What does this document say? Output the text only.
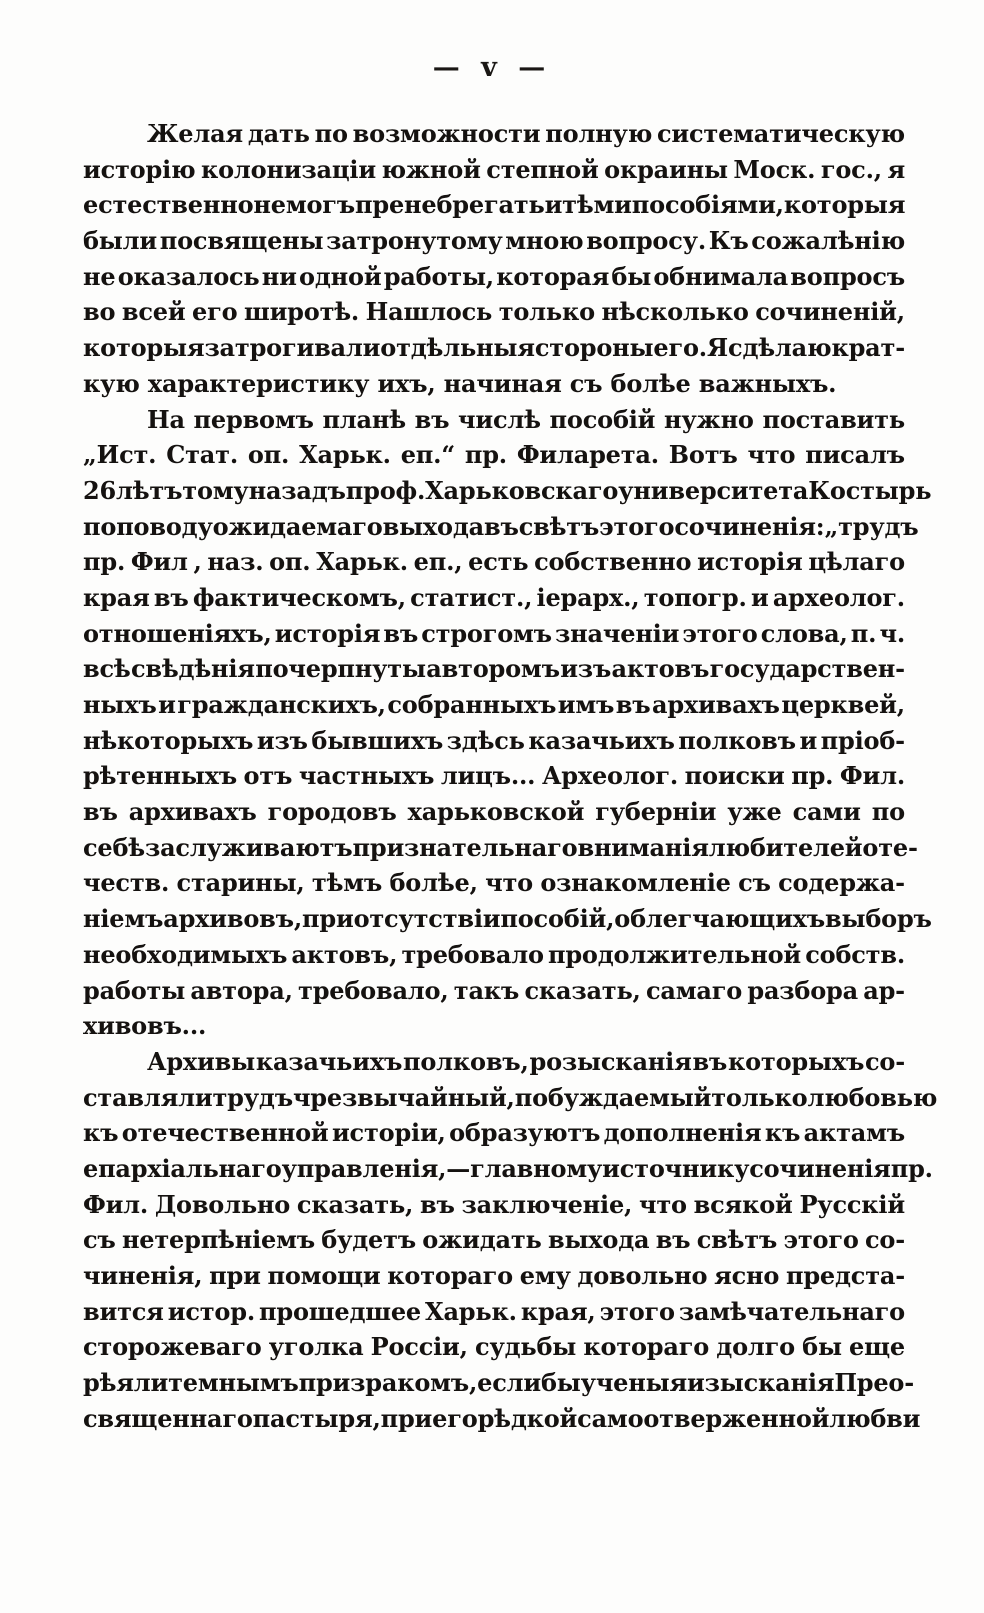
— v —
Желая дать по возможности полную систематическую
исторію колонизаціи южной степной окраины Моск. гос., я
естественно не могъ пренебрегать и тѣми пособіями, которыя
были посвящены затронутому мною вопросу. Къ сожалѣнію
не оказалось ни одной работы, которая бы обнимала вопросъ
во всей его широтѣ. Нашлось только нѣсколько сочиненій,
которыя затрогивали отдѣльныя стороны его. Я сдѣлаю крат-
кую характеристику ихъ, начиная съ болѣе важныхъ.
На первомъ планѣ въ числѣ пособій нужно поставить
„Ист. Стат. оп. Харьк. еп.“ пр. Филарета. Вотъ что писалъ
26 лѣтъ тому назадъ проф. Харьковскаго университета Костырь
по поводу ожидаемаго выхода въ свѣтъ этого сочиненія: „трудъ
пр. Фил , наз. оп. Харьк. еп., есть собственно исторія цѣлаго
края въ фактическомъ, статист., іерарх., топогр. и археолог.
отношеніяхъ, исторія въ строгомъ значеніи этого слова, п. ч.
всѣ свѣдѣнія почерпнуты авторомъ изъ актовъ государствен-
ныхъ и гражданскихъ, собранныхъ имъ въ архивахъ церквей,
нѣкоторыхъ изъ бывшихъ здѣсь казачьихъ полковъ и пріоб-
рѣтенныхъ отъ частныхъ лицъ... Археолог. поиски пр. Фил.
въ архивахъ городовъ харьковской губерніи уже сами по
себѣ заслуживаютъ признательнаго вниманія любителей оте-
честв. старины, тѣмъ болѣе, что ознакомленіе съ содержа-
ніемъ архивовъ, при отсутствіи пособій, облегчающихъ выборъ
необходимыхъ актовъ, требовало продолжительной собств.
работы автора, требовало, такъ сказать, самаго разбора ар-
хивовъ...
Архивы казачьихъ полковъ, розысканія въ которыхъ со-
ставляли трудъ чрезвычайный, побуждаемый только любовью
къ отечественной исторіи, образуютъ дополненія къ актамъ
епархіальнаго управленія,—главному источнику сочиненія пр.
Фил. Довольно сказать, въ заключеніе, что всякой Русскій
съ нетерпѣніемъ будетъ ожидать выхода въ свѣтъ этого со-
чиненія, при помощи котораго ему довольно ясно предста-
вится истор. прошедшее Харьк. края, этого замѣчательнаго
сторожеваго уголка Россіи, судьбы котораго долго бы еще
рѣяли темнымъ призракомъ, если бы ученыя изысканія Прео-
священнаго пастыря, при его рѣдкой самоотверженной любви
